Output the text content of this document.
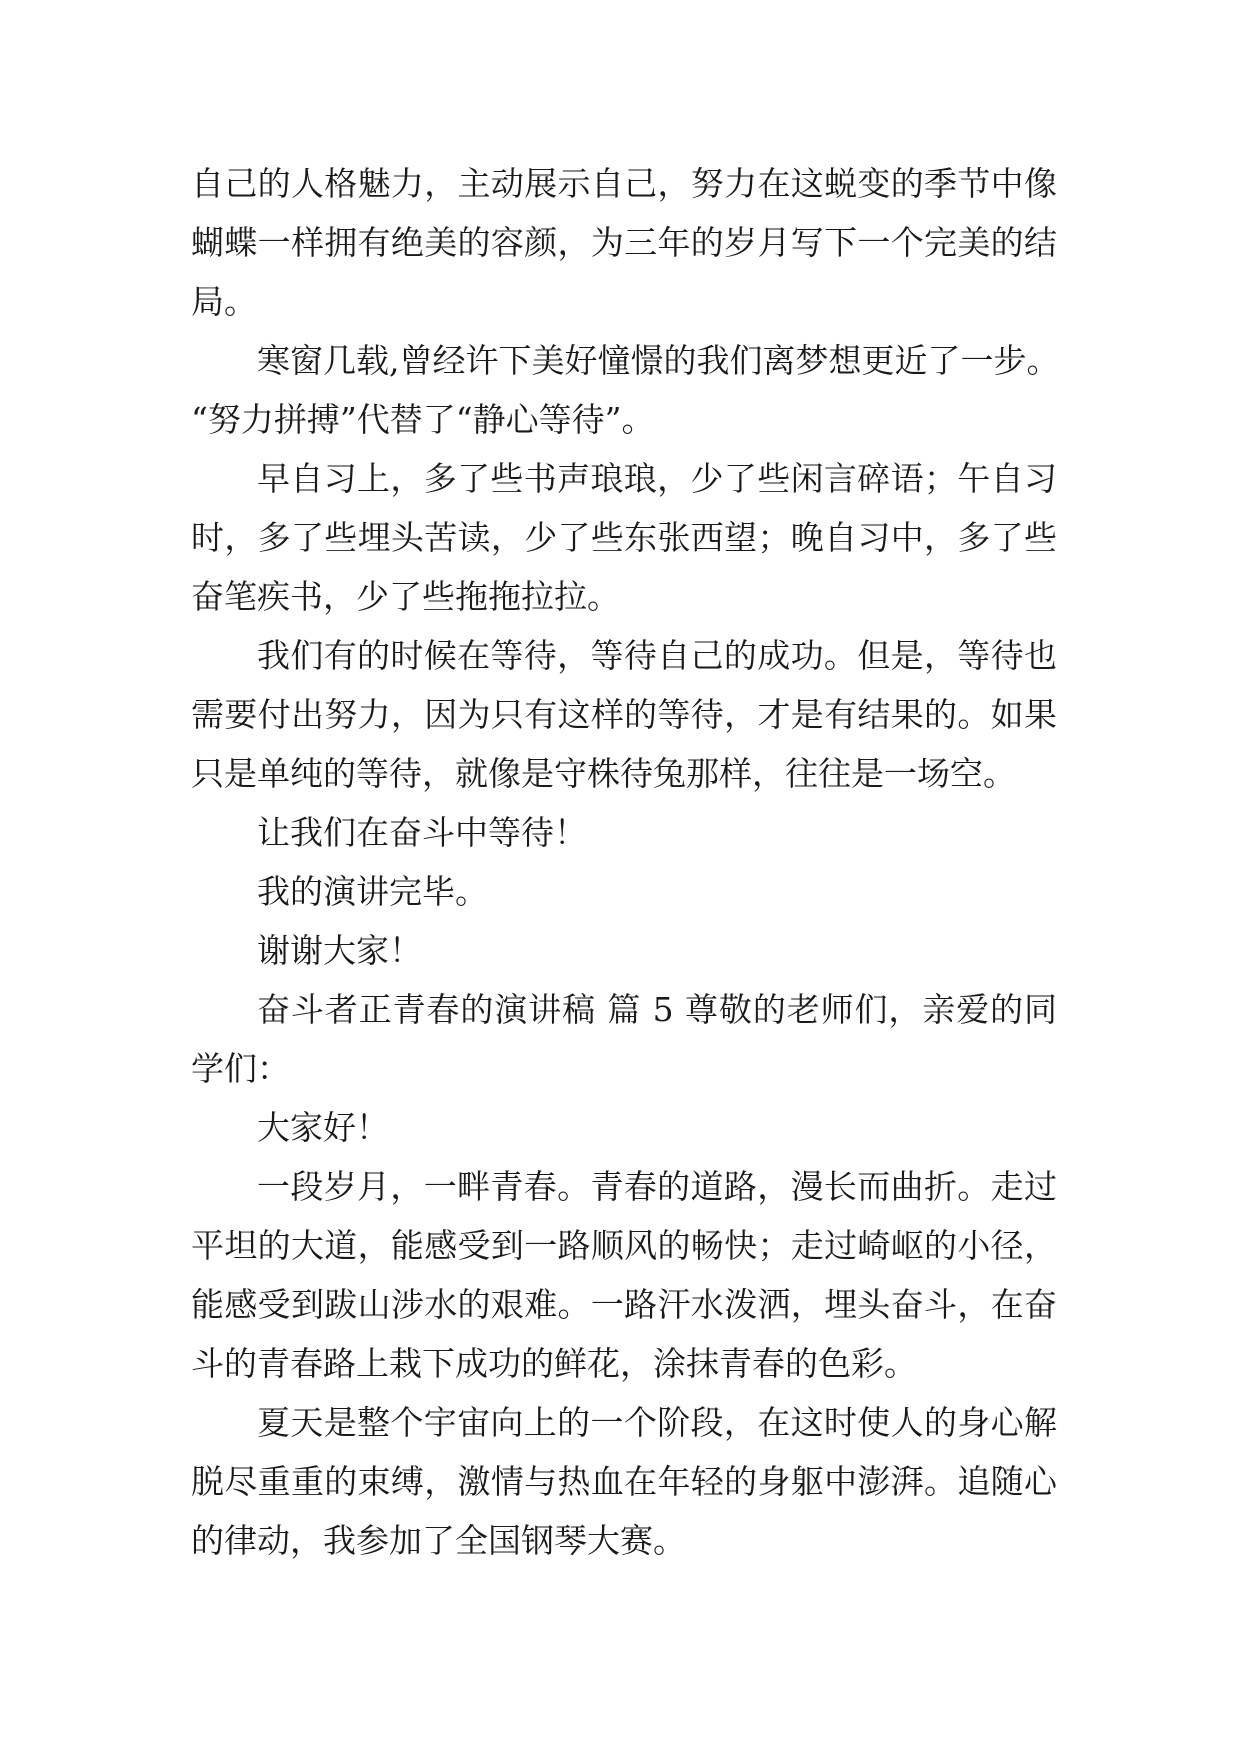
自己的人格魅力，主动展示自己，努力在这蜕变的季节中像
蝴蝶一样拥有绝美的容颜，为三年的岁月写下一个完美的结
局。
寒窗几载,曾经许下美好憧憬的我们离梦想更近了一步。
“努力拼搏”代替了“静心等待”。
早自习上，多了些书声琅琅，少了些闲言碎语；午自习
时，多了些埋头苦读，少了些东张西望；晚自习中，多了些
奋笔疾书，少了些拖拖拉拉。
我们有的时候在等待，等待自己的成功。但是，等待也
需要付出努力，因为只有这样的等待，才是有结果的。如果
只是单纯的等待，就像是守株待兔那样，往往是一场空。
让我们在奋斗中等待！
我的演讲完毕。
谢谢大家！
奋斗者正青春的演讲稿 篇 5 尊敬的老师们，亲爱的同
学们：
大家好！
一段岁月，一畔青春。青春的道路，漫长而曲折。走过
平坦的大道，能感受到一路顺风的畅快；走过崎岖的小径，
能感受到跋山涉水的艰难。一路汗水泼洒，埋头奋斗，在奋
斗的青春路上栽下成功的鲜花，涂抹青春的色彩。
夏天是整个宇宙向上的一个阶段，在这时使人的身心解
脱尽重重的束缚，激情与热血在年轻的身躯中澎湃。追随心
的律动，我参加了全国钢琴大赛。
